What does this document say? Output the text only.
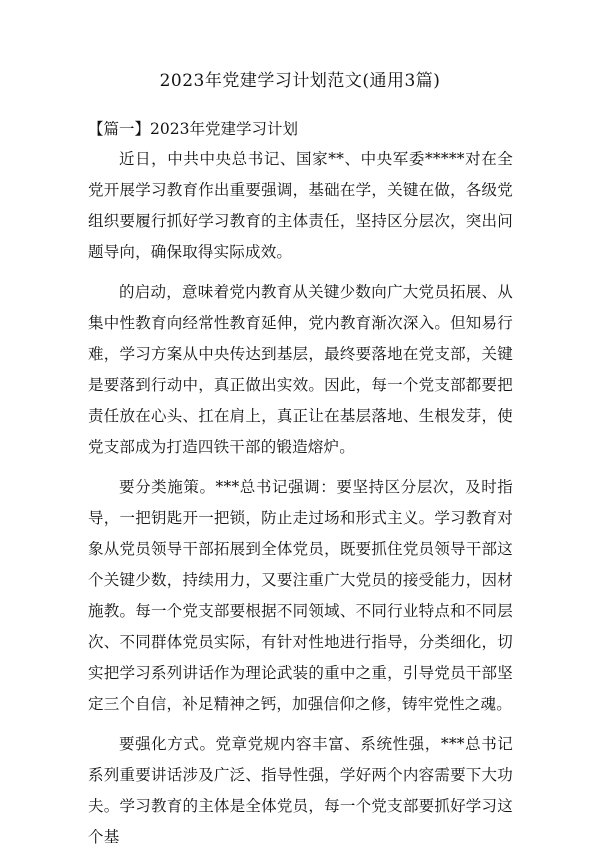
2023年党建学习计划范文(通用3篇)
【篇一】2023年党建学习计划

近日，中共中央总书记、国家**、中央军委*****对在全党开展学习教育作出重要强调，基础在学，关键在做，各级党组织要履行抓好学习教育的主体责任，坚持区分层次，突出问题导向，确保取得实际成效。

的启动，意味着党内教育从关键少数向广大党员拓展、从集中性教育向经常性教育延伸，党内教育渐次深入。但知易行难，学习方案从中央传达到基层，最终要落地在党支部，关键是要落到行动中，真正做出实效。因此，每一个党支部都要把责任放在心头、扛在肩上，真正让在基层落地、生根发芽，使党支部成为打造四铁干部的锻造熔炉。

要分类施策。***总书记强调：要坚持区分层次，及时指导，一把钥匙开一把锁，防止走过场和形式主义。学习教育对象从党员领导干部拓展到全体党员，既要抓住党员领导干部这个关键少数，持续用力，又要注重广大党员的接受能力，因材施教。每一个党支部要根据不同领域、不同行业特点和不同层次、不同群体党员实际，有针对性地进行指导，分类细化，切实把学习系列讲话作为理论武装的重中之重，引导党员干部坚定三个自信，补足精神之钙，加强信仰之修，铸牢党性之魂。

要强化方式。党章党规内容丰富、系统性强，***总书记系列重要讲话涉及广泛、指导性强，学好两个内容需要下大功夫。学习教育的主体是全体党员，每一个党支部要抓好学习这个基
